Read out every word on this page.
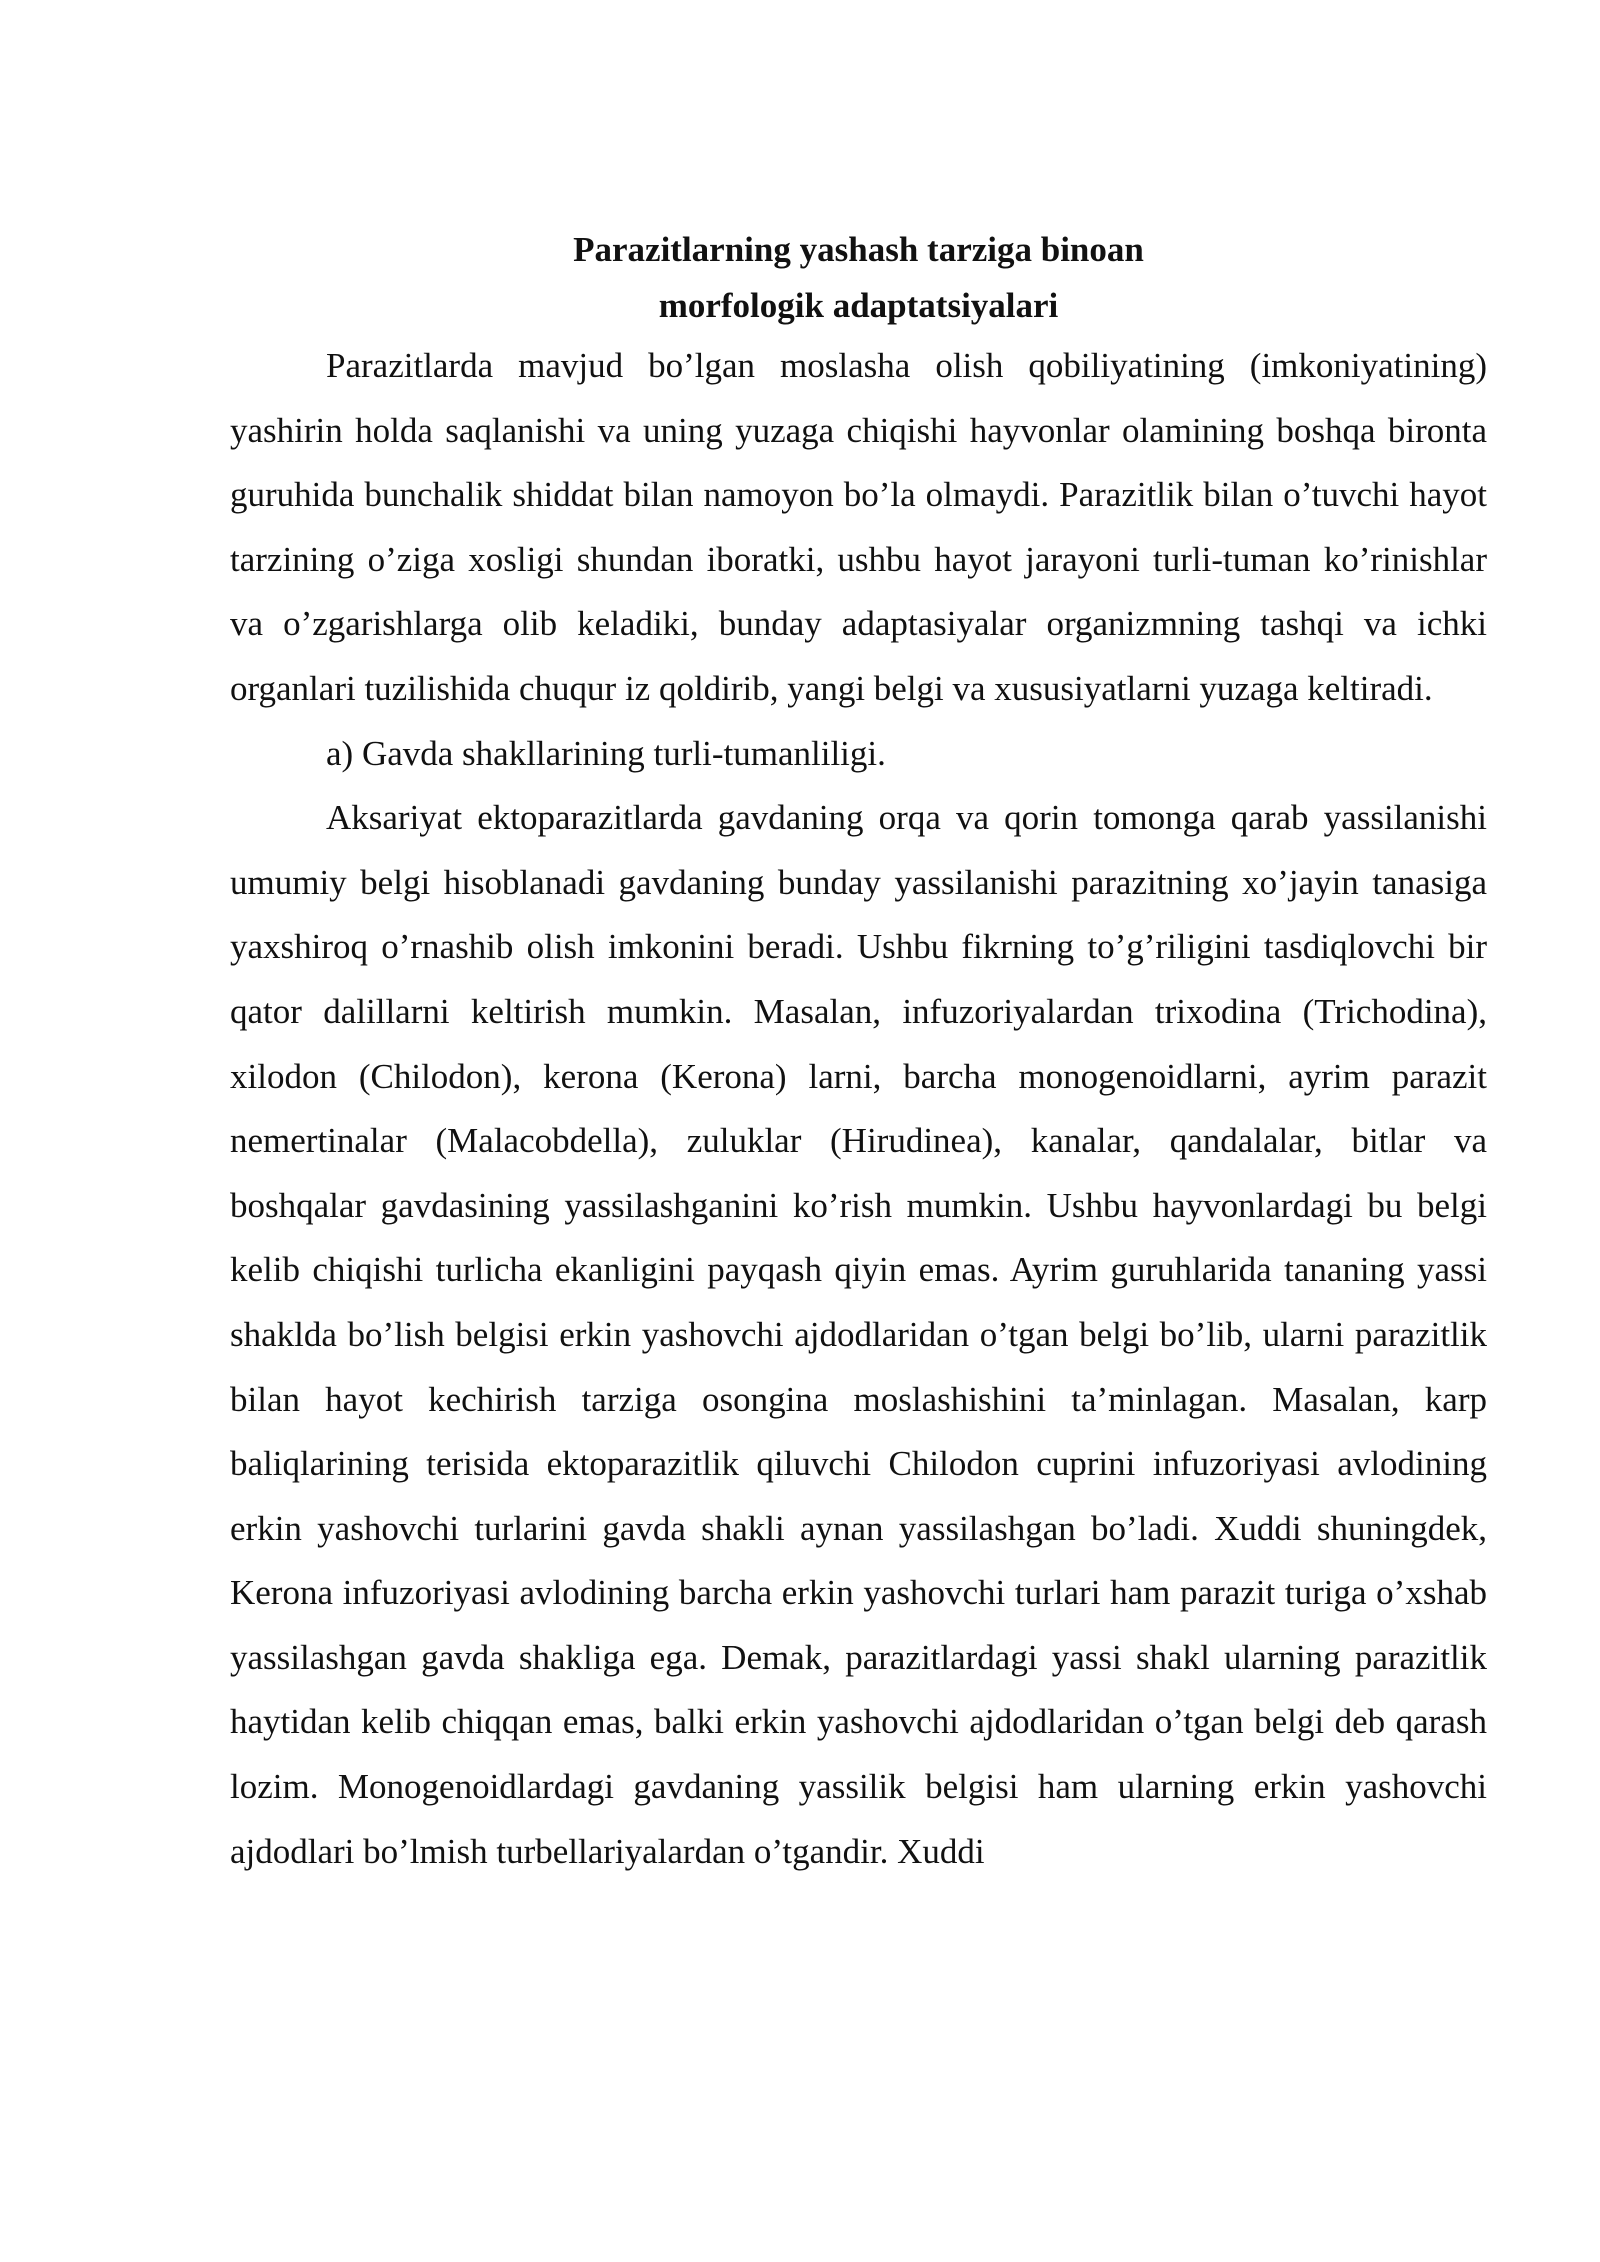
Parazitlarning yashash tarziga binoan
morfologik adaptatsiyalari

Parazitlarda mavjud bo’lgan moslasha olish qobiliyatining (imkoniyatining) yashirin holda saqlanishi va uning yuzaga chiqishi hayvonlar olamining boshqa bironta guruhida bunchalik shiddat bilan namoyon bo’la olmaydi. Parazitlik bilan o’tuvchi hayot tarzining o’ziga xosligi shundan iboratki, ushbu hayot jarayoni turli-tuman ko’rinishlar va o’zgarishlarga olib keladiki, bunday adaptasiyalar organizmning tashqi va ichki organlari tuzilishida chuqur iz qoldirib, yangi belgi va xususiyatlarni yuzaga keltiradi.

a) Gavda shakllarining turli-tumanliligi.

Aksariyat ektoparazitlarda gavdaning orqa va qorin tomonga qarab yassilanishi umumiy belgi hisoblanadi gavdaning bunday yassilanishi parazitning xo’jayin tanasiga yaxshiroq o’rnashib olish imkonini beradi. Ushbu fikrning to’g’riligini tasdiqlovchi bir qator dalillarni keltirish mumkin. Masalan, infuzoriyalardan trixodina (Trichodina), xilodon (Chilodon), kerona (Kerona) larni, barcha monogenoidlarni, ayrim parazit nemertinalar (Malacobdella), zuluklar (Hirudinea), kanalar, qandalalar, bitlar va boshqalar gavdasining yassilashganini ko’rish mumkin. Ushbu hayvonlardagi bu belgi kelib chiqishi turlicha ekanligini payqash qiyin emas. Ayrim guruhlarida tananing yassi shaklda bo’lish belgisi erkin yashovchi ajdodlaridan o’tgan belgi bo’lib, ularni parazitlik bilan hayot kechirish tarziga osongina moslashishini ta’minlagan. Masalan, karp baliqlarining terisida ektoparazitlik qiluvchi Chilodon cuprini infuzoriyasi avlodining erkin yashovchi turlarini gavda shakli aynan yassilashgan bo’ladi. Xuddi shuningdek, Kerona infuzoriyasi avlodining barcha erkin yashovchi turlari ham parazit turiga o’xshab yassilashgan gavda shakliga ega. Demak, parazitlardagi yassi shakl ularning parazitlik haytidan kelib chiqqan emas, balki erkin yashovchi ajdodlaridan o’tgan belgi deb qarash lozim. Monogenoidlardagi gavdaning yassilik belgisi ham ularning erkin yashovchi ajdodlari bo’lmish turbellariyalardan o’tgandir. Xuddi
